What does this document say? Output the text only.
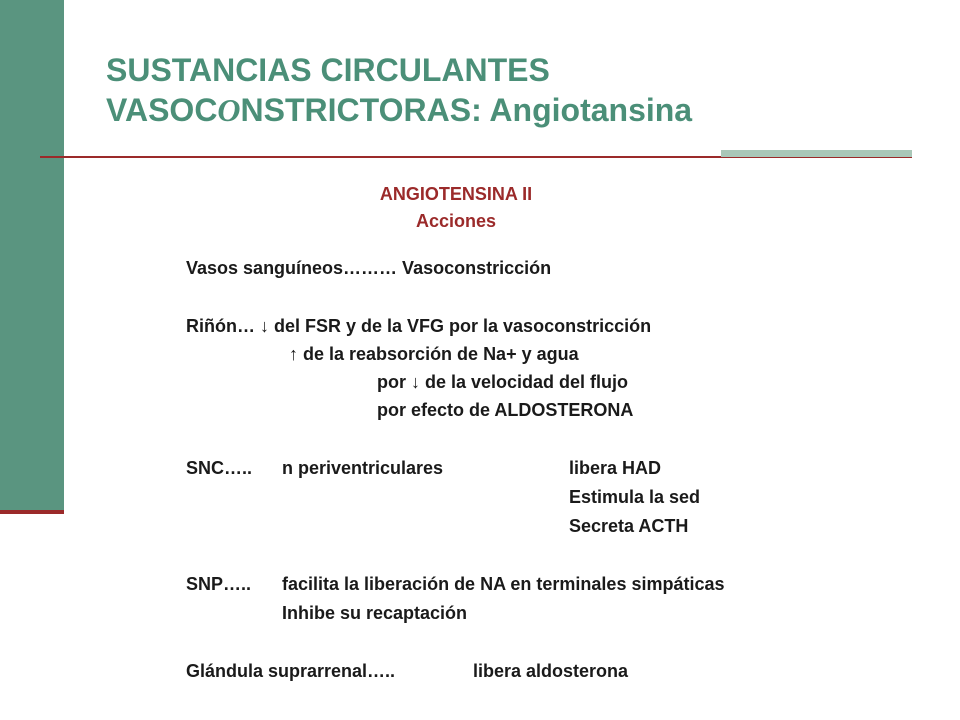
SUSTANCIAS CIRCULANTES
VASOCONSTRICTORAS: Angiotansina
ANGIOTENSINA II
Acciones
Vasos sanguíneos……… Vasoconstricción
Riñón… ↓ del FSR y de la VFG por la vasoconstricción
↑ de la reabsorción de Na+ y agua
por ↓ de la velocidad del flujo
por efecto de ALDOSTERONA
SNC….. n periventriculares	libera HAD
Estimula la sed
Secreta ACTH
SNP….. facilita la liberación de NA en terminales simpáticas
Inhibe su recaptación
Glándula suprarrenal…..	libera aldosterona
